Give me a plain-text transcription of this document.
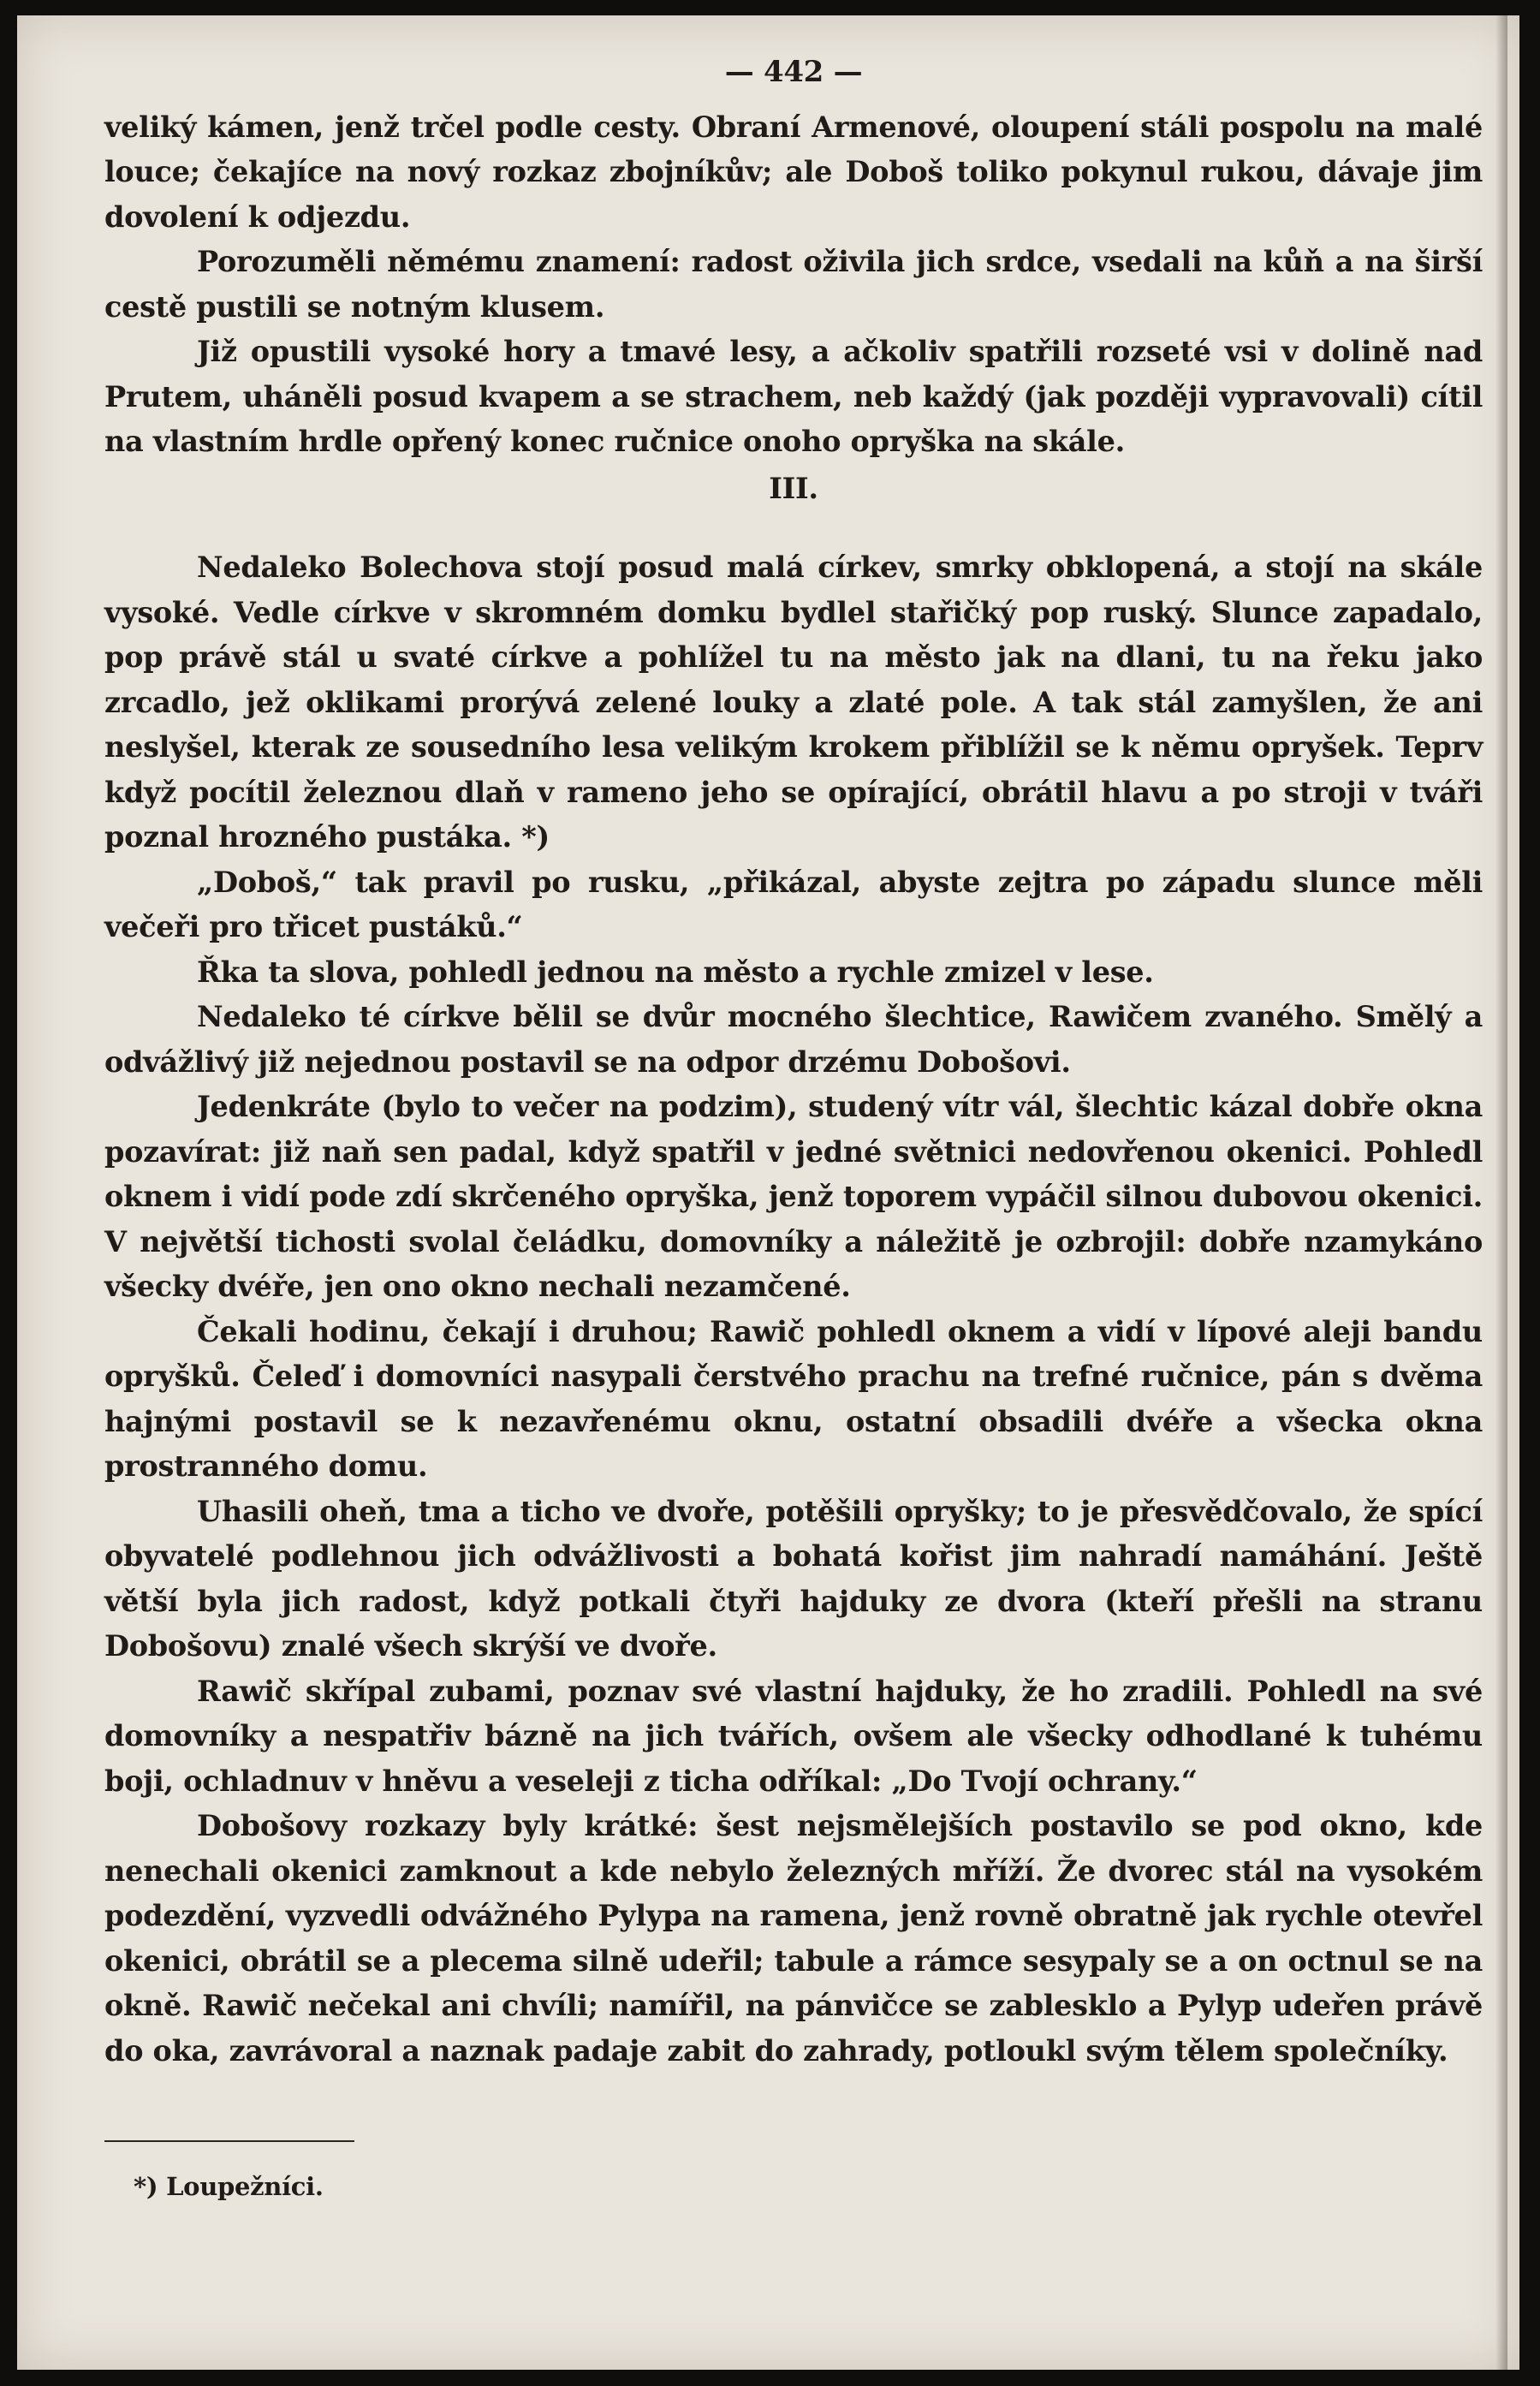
— 442 —

veliký kámen, jenž trčel podle cesty. Obraní Armenové, oloupení stáli pospolu na malé louce; čekajíce na nový rozkaz zbojníkův; ale Doboš toliko pokynul rukou, dávaje jim dovolení k odjezdu.

Porozuměli němému znamení: radost oživila jich srdce, vsedali na kůň a na širší cestě pustili se notným klusem.

Již opustili vysoké hory a tmavé lesy, a ačkoliv spatřili rozseté vsi v dolině nad Prutem, uháněli posud kvapem a se strachem, neb každý (jak později vypravovali) cítil na vlastním hrdle opřený konec ručnice onoho opryška na skále.

III.

Nedaleko Bolechova stojí posud malá církev, smrky obklopená, a stojí na skále vysoké. Vedle církve v skromném domku bydlel stařičký pop ruský. Slunce zapadalo, pop právě stál u svaté církve a pohlížel tu na město jak na dlani, tu na řeku jako zrcadlo, jež oklikami prorývá zelené louky a zlaté pole. A tak stál zamyšlen, že ani neslyšel, kterak ze sousedního lesa velikým krokem přiblížil se k němu opryšek. Teprv když pocítil železnou dlaň v rameno jeho se opírající, obrátil hlavu a po stroji v tváři poznal hrozného pustáka. *)

„Doboš,“ tak pravil po rusku, „přikázal, abyste zejtra po západu slunce měli večeři pro třicet pustáků.“

Řka ta slova, pohledl jednou na město a rychle zmizel v lese.

Nedaleko té církve bělil se dvůr mocného šlechtice, Rawičem zvaného. Smělý a odvážlivý již nejednou postavil se na odpor drzému Dobošovi.

Jedenkráte (bylo to večer na podzim), studený vítr vál, šlechtic kázal dobře okna pozavírat: již naň sen padal, když spatřil v jedné světnici nedovřenou okenici. Pohledl oknem i vidí pode zdí skrčeného opryška, jenž toporem vypáčil silnou dubovou okenici. V největší tichosti svolal čeládku, domovníky a náležitě je ozbrojil: dobře nzamykáno všecky dvéře, jen ono okno nechali nezamčené.

Čekali hodinu, čekají i druhou; Rawič pohledl oknem a vidí v lípové aleji bandu opryšků. Čeleď i domovníci nasypali čerstvého prachu na trefné ručnice, pán s dvěma hajnými postavil se k nezavřenému oknu, ostatní obsadili dvéře a všecka okna prostranného domu.

Uhasili oheň, tma a ticho ve dvoře, potěšili opryšky; to je přesvědčovalo, že spící obyvatelé podlehnou jich odvážlivosti a bohatá kořist jim nahradí namáhání. Ještě větší byla jich radost, když potkali čtyři hajduky ze dvora (kteří přešli na stranu Dobošovu) znalé všech skrýší ve dvoře.

Rawič skřípal zubami, poznav své vlastní hajduky, že ho zradili. Pohledl na své domovníky a nespatřiv bázně na jich tvářích, ovšem ale všecky odhodlané k tuhému boji, ochladnuv v hněvu a veseleji z ticha odříkal: „Do Tvojí ochrany.“

Dobošovy rozkazy byly krátké: šest nejsmělejších postavilo se pod okno, kde nenechali okenici zamknout a kde nebylo železných mříží. Že dvorec stál na vysokém podezdění, vyzvedli odvážného Pylypa na ramena, jenž rovně obratně jak rychle otevřel okenici, obrátil se a plecema silně udeřil; tabule a rámce sesypaly se a on octnul se na okně. Rawič nečekal ani chvíli; namířil, na pánvičce se zablesklo a Pylyp udeřen právě do oka, zavrávoral a naznak padaje zabit do zahrady, potloukl svým tělem společníky.

*) Loupežníci.
